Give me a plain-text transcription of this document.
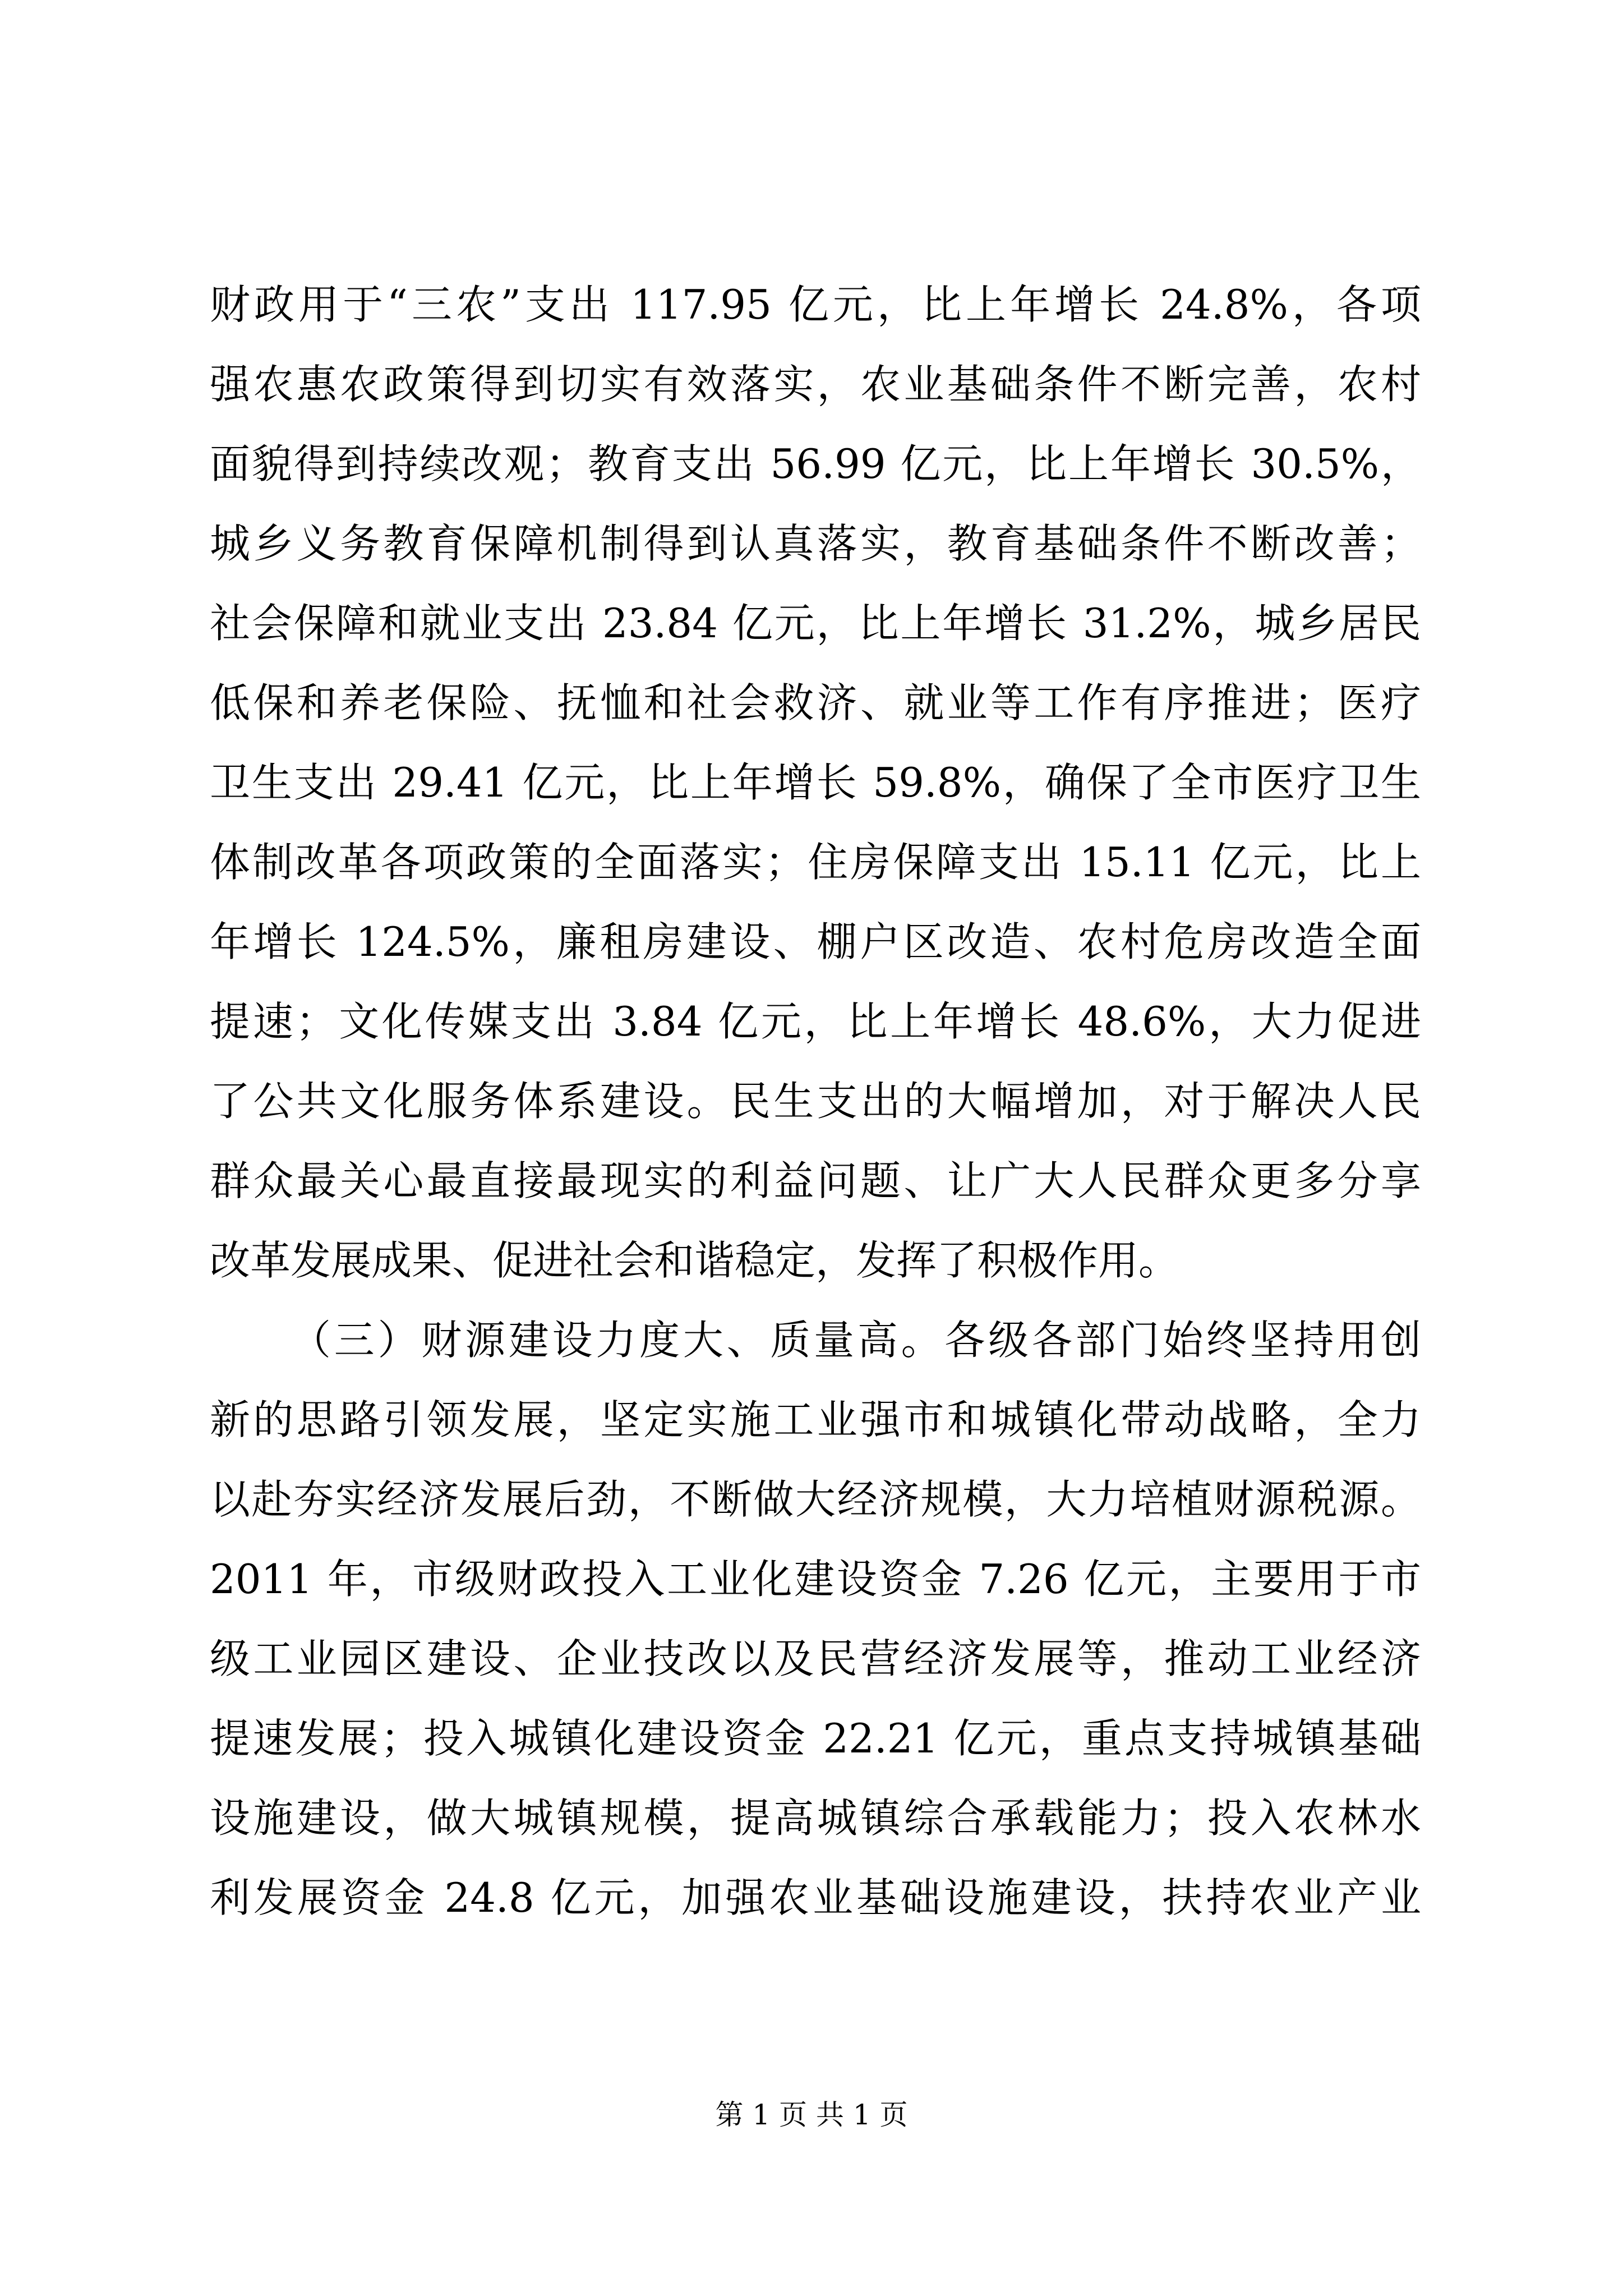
财政用于“三农”支出 117.95 亿元，比上年增长 24.8%，各项
强农惠农政策得到切实有效落实，农业基础条件不断完善，农村
面貌得到持续改观；教育支出 56.99 亿元，比上年增长 30.5%，
城乡义务教育保障机制得到认真落实，教育基础条件不断改善；
社会保障和就业支出 23.84 亿元，比上年增长 31.2%，城乡居民
低保和养老保险、抚恤和社会救济、就业等工作有序推进；医疗
卫生支出 29.41 亿元，比上年增长 59.8%，确保了全市医疗卫生
体制改革各项政策的全面落实；住房保障支出 15.11 亿元，比上
年增长 124.5%，廉租房建设、棚户区改造、农村危房改造全面
提速；文化传媒支出 3.84 亿元，比上年增长 48.6%，大力促进
了公共文化服务体系建设。民生支出的大幅增加，对于解决人民
群众最关心最直接最现实的利益问题、让广大人民群众更多分享
改革发展成果、促进社会和谐稳定，发挥了积极作用。
（三）财源建设力度大、质量高。各级各部门始终坚持用创
新的思路引领发展，坚定实施工业强市和城镇化带动战略，全力
以赴夯实经济发展后劲，不断做大经济规模，大力培植财源税源。
2011 年，市级财政投入工业化建设资金 7.26 亿元，主要用于市
级工业园区建设、企业技改以及民营经济发展等，推动工业经济
提速发展；投入城镇化建设资金 22.21 亿元，重点支持城镇基础
设施建设，做大城镇规模，提高城镇综合承载能力；投入农林水
利发展资金 24.8 亿元，加强农业基础设施建设，扶持农业产业
第 1 页 共 1 页
